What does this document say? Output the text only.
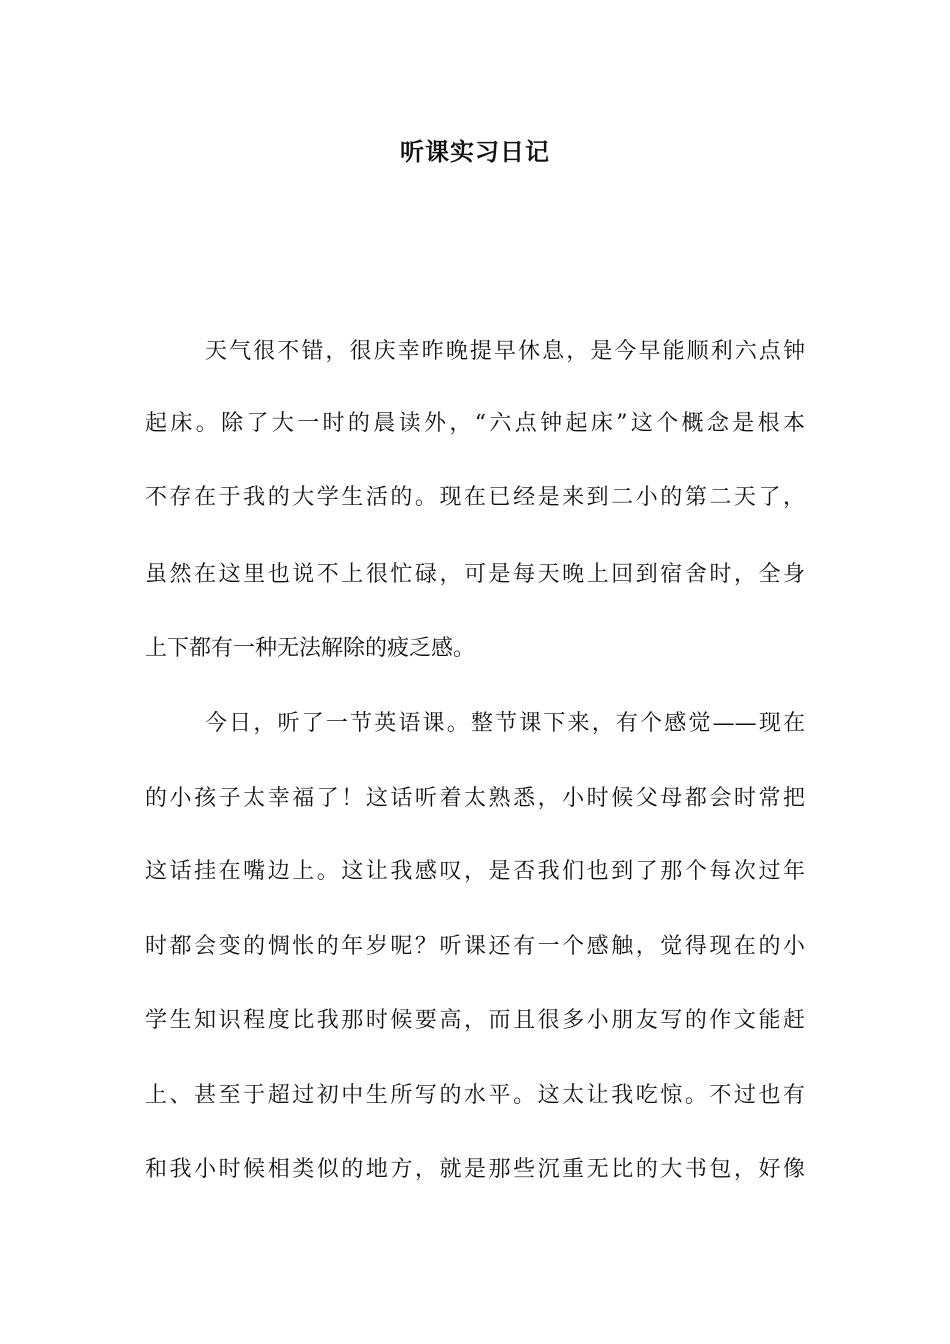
听课实习日记

天气很不错，很庆幸昨晚提早休息，是今早能顺利六点钟

起床。除了大一时的晨读外，“六点钟起床”这个概念是根本

不存在于我的大学生活的。现在已经是来到二小的第二天了，

虽然在这里也说不上很忙碌，可是每天晚上回到宿舍时，全身

上下都有一种无法解除的疲乏感。

今日，听了一节英语课。整节课下来，有个感觉——现在

的小孩子太幸福了！这话听着太熟悉，小时候父母都会时常把

这话挂在嘴边上。这让我感叹，是否我们也到了那个每次过年

时都会变的惆怅的年岁呢？听课还有一个感触，觉得现在的小

学生知识程度比我那时候要高，而且很多小朋友写的作文能赶

上、甚至于超过初中生所写的水平。这太让我吃惊。不过也有

和我小时候相类似的地方，就是那些沉重无比的大书包，好像
